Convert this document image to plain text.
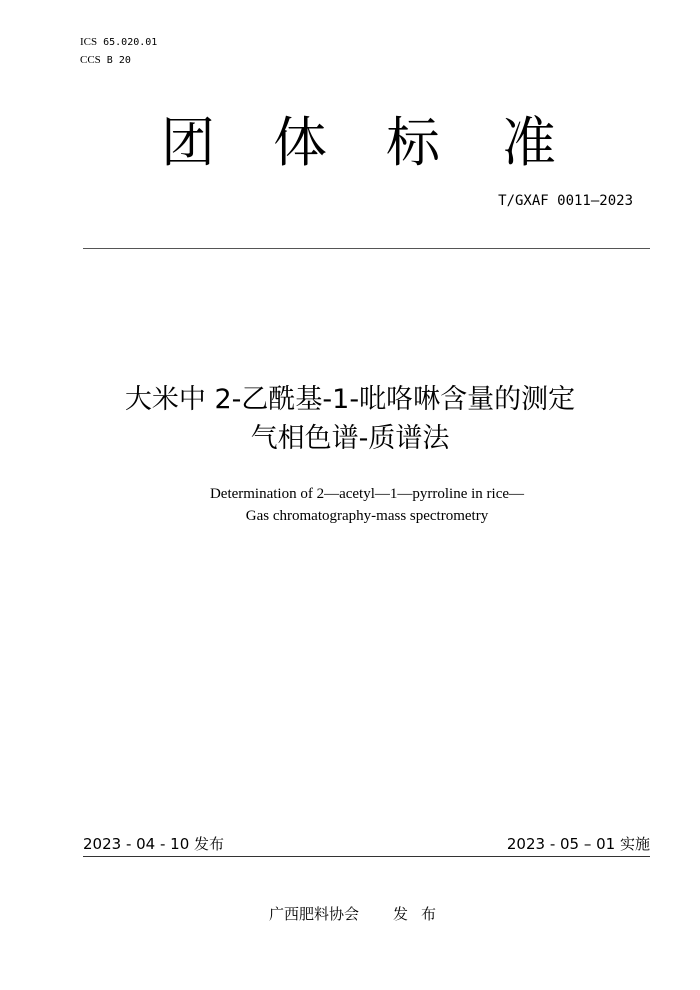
ICS 65.020.01
CCS B 20
团 体 标 准
T/GXAF 0011—2023
大米中 2-乙酰基-1-吡咯啉含量的测定
气相色谱-质谱法
Determination of 2—acetyl—1—pyrroline in rice—
Gas chromatography-mass spectrometry
2023 - 04 - 10 发布	2023 - 05 – 01 实施
广西肥料协会 发布
